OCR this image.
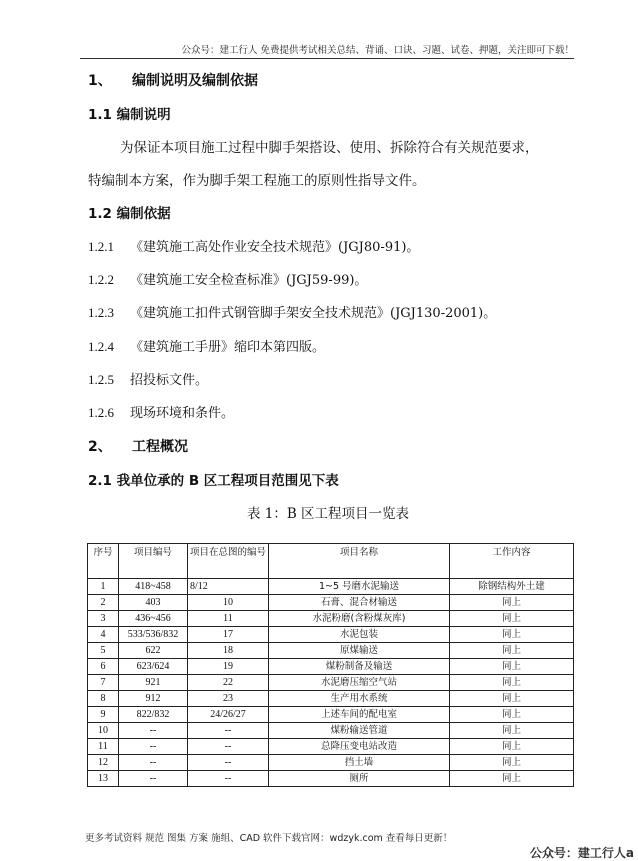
公众号：建工行人 免费提供考试相关总结、背诵、口诀、习题、试卷、押题，关注即可下载！
1、 编制说明及编制依据
1.1 编制说明
为保证本项目施工过程中脚手架搭设、使用、拆除符合有关规范要求，
特编制本方案，作为脚手架工程施工的原则性指导文件。
1.2 编制依据
1.2.1 《建筑施工高处作业安全技术规范》(JGJ80-91)。
1.2.2 《建筑施工安全检查标准》(JGJ59-99)。
1.2.3 《建筑施工扣件式钢管脚手架安全技术规范》(JGJ130-2001)。
1.2.4 《建筑施工手册》缩印本第四版。
1.2.5 招投标文件。
1.2.6 现场环境和条件。
2、 工程概况
2.1 我单位承的 B 区工程项目范围见下表
表 1：B 区工程项目一览表
序号	项目编号	项目在总图的编号	项目名称	工作内容
1	418~458	8/12	1~5 号磨水泥输送	除钢结构外土建
2	403	10	石膏、混合材输送	同上
3	436~456	11	水泥粉磨(含粉煤灰库)	同上
4	533/536/832	17	水泥包装	同上
5	622	18	原煤输送	同上
6	623/624	19	煤粉制备及输送	同上
7	921	22	水泥磨压缩空气站	同上
8	912	23	生产用水系统	同上
9	822/832	24/26/27	上述车间的配电室	同上
10	--	--	煤粉输送管道	同上
11	--	--	总降压变电站改造	同上
12	--	--	挡土墙	同上
13	--	--	厕所	同上
更多考试资料 规范 图集 方案 施组、CAD 软件下载官网：wdzyk.com 查看每日更新！
公众号：建工行人a
